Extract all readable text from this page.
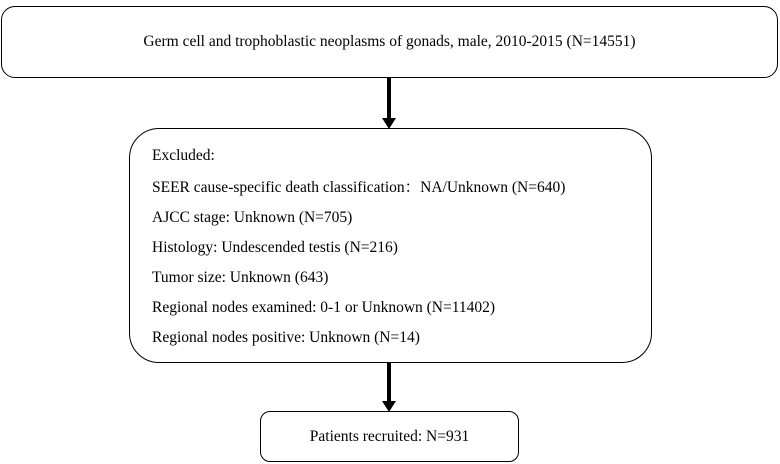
Germ cell and trophoblastic neoplasms of gonads, male, 2010-2015 (N=14551)
Excluded:
SEER cause-specific death classification：NA/Unknown (N=640)
AJCC stage: Unknown (N=705)
Histology: Undescended testis (N=216)
Tumor size: Unknown (643)
Regional nodes examined: 0-1 or Unknown (N=11402)
Regional nodes positive: Unknown (N=14)
Patients recruited: N=931
